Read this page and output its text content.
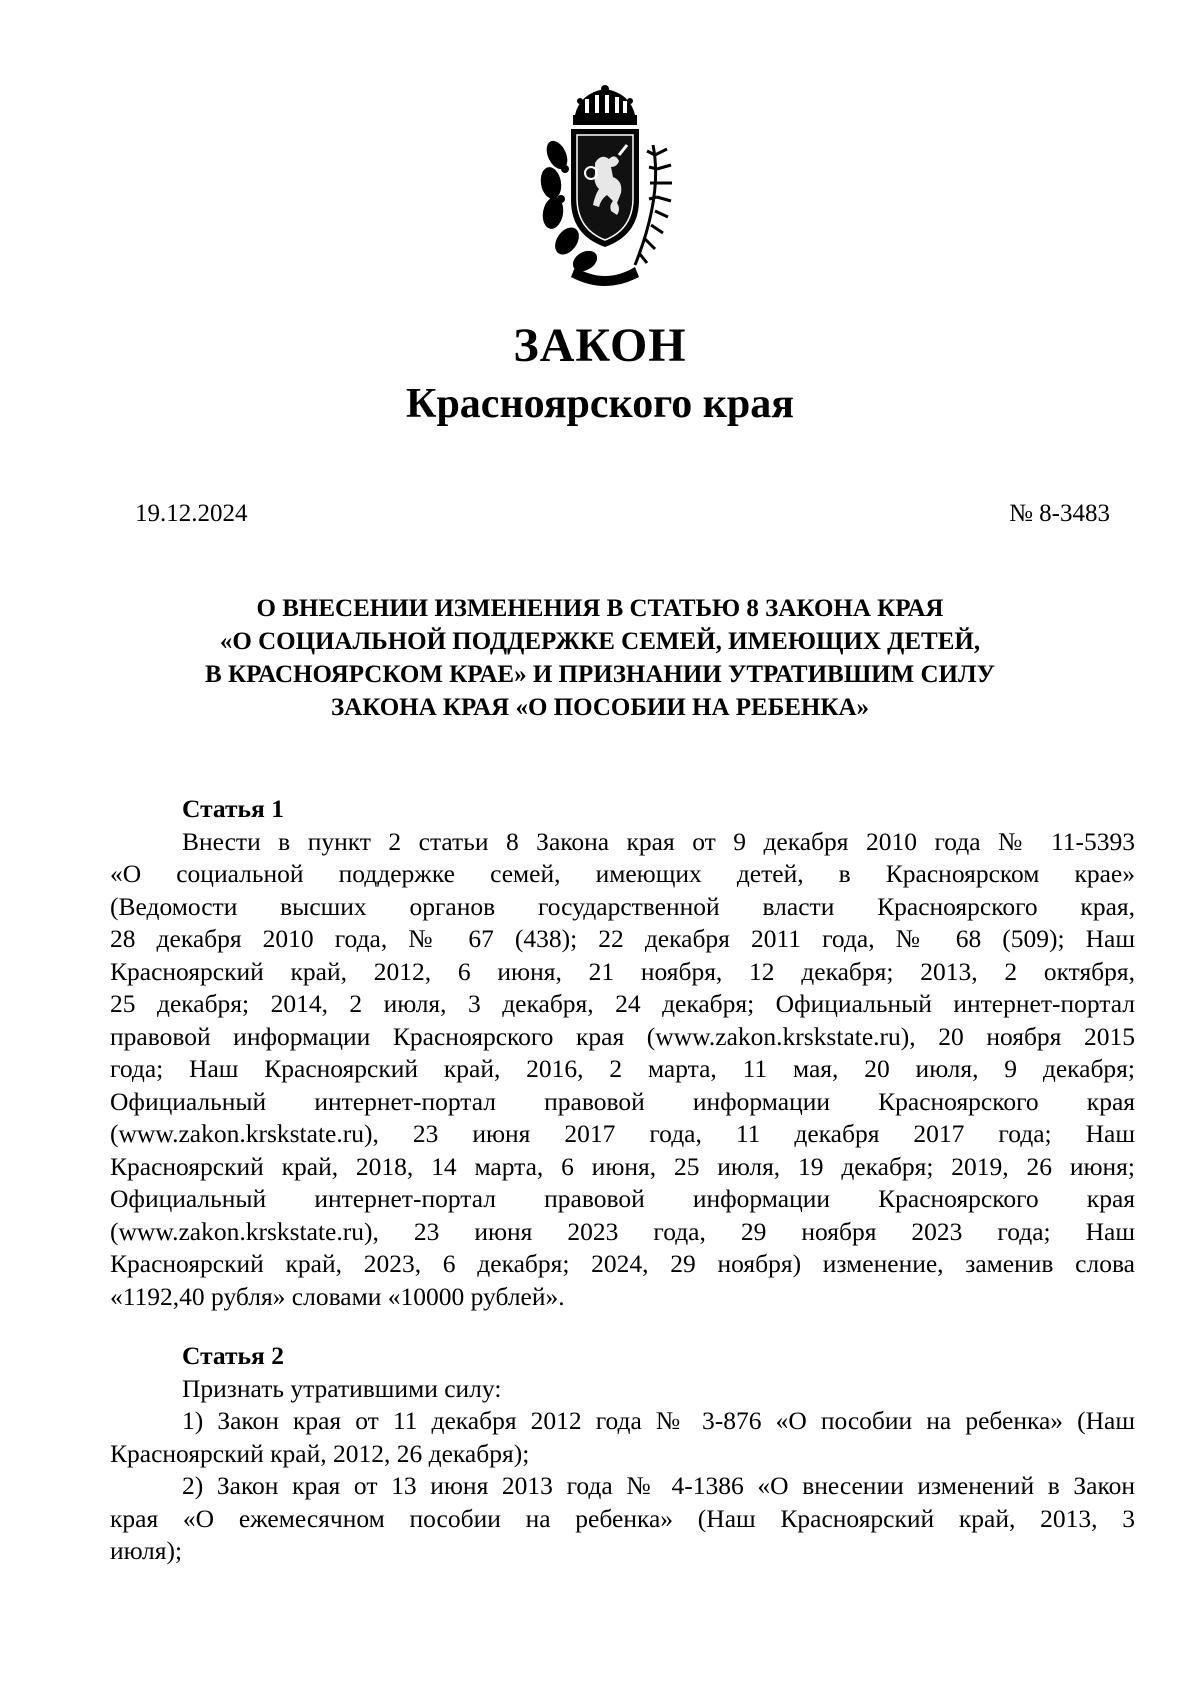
ЗАКОН
Красноярского края
19.12.2024	№ 8-3483
О ВНЕСЕНИИ ИЗМЕНЕНИЯ В СТАТЬЮ 8 ЗАКОНА КРАЯ
«О СОЦИАЛЬНОЙ ПОДДЕРЖКЕ СЕМЕЙ, ИМЕЮЩИХ ДЕТЕЙ,
В КРАСНОЯРСКОМ КРАЕ» И ПРИЗНАНИИ УТРАТИВШИМ СИЛУ
ЗАКОНА КРАЯ «О ПОСОБИИ НА РЕБЕНКА»
Статья 1
Внести в пункт 2 статьи 8 Закона края от 9 декабря 2010 года № 11-5393
«О социальной поддержке семей, имеющих детей, в Красноярском крае»
(Ведомости высших органов государственной власти Красноярского края,
28 декабря 2010 года, № 67 (438); 22 декабря 2011 года, № 68 (509); Наш
Красноярский край, 2012, 6 июня, 21 ноября, 12 декабря; 2013, 2 октября,
25 декабря; 2014, 2 июля, 3 декабря, 24 декабря; Официальный интернет-портал
правовой информации Красноярского края (www.zakon.krskstate.ru), 20 ноября 2015
года; Наш Красноярский край, 2016, 2 марта, 11 мая, 20 июля, 9 декабря;
Официальный интернет-портал правовой информации Красноярского края
(www.zakon.krskstate.ru), 23 июня 2017 года, 11 декабря 2017 года; Наш
Красноярский край, 2018, 14 марта, 6 июня, 25 июля, 19 декабря; 2019, 26 июня;
Официальный интернет-портал правовой информации Красноярского края
(www.zakon.krskstate.ru), 23 июня 2023 года, 29 ноября 2023 года; Наш
Красноярский край, 2023, 6 декабря; 2024, 29 ноября) изменение, заменив слова
«1192,40 рубля» словами «10000 рублей».
Статья 2
Признать утратившими силу:
1) Закон края от 11 декабря 2012 года № 3-876 «О пособии на ребенка» (Наш
Красноярский край, 2012, 26 декабря);
2) Закон края от 13 июня 2013 года № 4-1386 «О внесении изменений в Закон
края «О ежемесячном пособии на ребенка» (Наш Красноярский край, 2013, 3
июля);
